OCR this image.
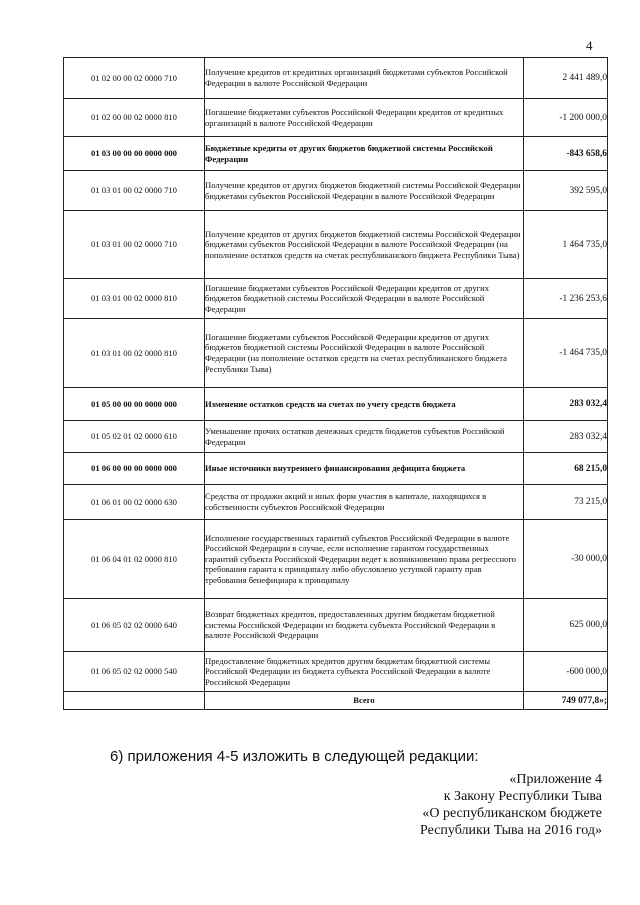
4
01 02 00 00 02 0000 710	Получение кредитов от кредитных организаций бюджетами субъектов Российской Федерации в валюте Российской Федерации	2 441 489,0
01 02 00 00 02 0000 810	Погашение бюджетами субъектов Российской Федерации кредитов от кредитных организаций в валюте Российской Федерации	-1 200 000,0
01 03 00 00 00 0000 000	Бюджетные кредиты от других бюджетов бюджетной системы Российской Федерации	-843 658,6
01 03 01 00 02 0000 710	Получение кредитов от других бюджетов бюджетной системы Российской Федерации бюджетами субъектов Российской Федерации в валюте Российской Федерации	392 595,0
01 03 01 00 02 0000 710	Получение кредитов от других бюджетов бюджетной системы Российской Федерации бюджетами субъектов Российской Федерации в валюте Российской Федерации (на пополнение остатков средств на счетах республиканского бюджета Республики Тыва)	1 464 735,0
01 03 01 00 02 0000 810	Погашение бюджетами субъектов Российской Федерации кредитов от других бюджетов бюджетной системы Российской Федерации в валюте Российской Федерации	-1 236 253,6
01 03 01 00 02 0000 810	Погашение бюджетами субъектов Российской Федерации кредитов от других бюджетов бюджетной системы Российской Федерации в валюте Российской Федерации (на пополнение остатков средств на счетах республиканского бюджета Республики Тыва)	-1 464 735,0
01 05 00 00 00 0000 000	Изменение остатков средств на счетах по учету средств бюджета	283 032,4
01 05 02 01 02 0000 610	Уменьшение прочих остатков денежных средств бюджетов субъектов Российской Федерации	283 032,4
01 06 00 00 00 0000 000	Иные источники внутреннего финансирования дефицита бюджета	68 215,0
01 06 01 00 02 0000 630	Средства от продажи акций и иных форм участия в капитале, находящихся в собственности субъектов Российской Федерации	73 215,0
01 06 04 01 02 0000 810	Исполнение государственных гарантий субъектов Российской Федерации в валюте Российской Федерации в случае, если исполнение гарантом государственных гарантий субъекта Российской Федерации ведет к возникновению права регрессного требования гаранта к принципалу либо обусловлено уступкой гаранту прав требования бенефициара к принципалу	-30 000,0
01 06 05 02 02 0000 640	Возврат бюджетных кредитов, предоставленных другим бюджетам бюджетной системы Российской Федерации из бюджета субъекта Российской Федерации в валюте Российской Федерации	625 000,0
01 06 05 02 02 0000 540	Предоставление бюджетных кредитов другим бюджетам бюджетной системы Российской Федерации из бюджета субъекта Российской Федерации в валюте Российской Федерации	-600 000,0
	Всего	749 077,8»;
6) приложения 4-5 изложить в следующей редакции:
«Приложение 4
к Закону Республики Тыва
«О республиканском бюджете
Республики Тыва на 2016 год»
